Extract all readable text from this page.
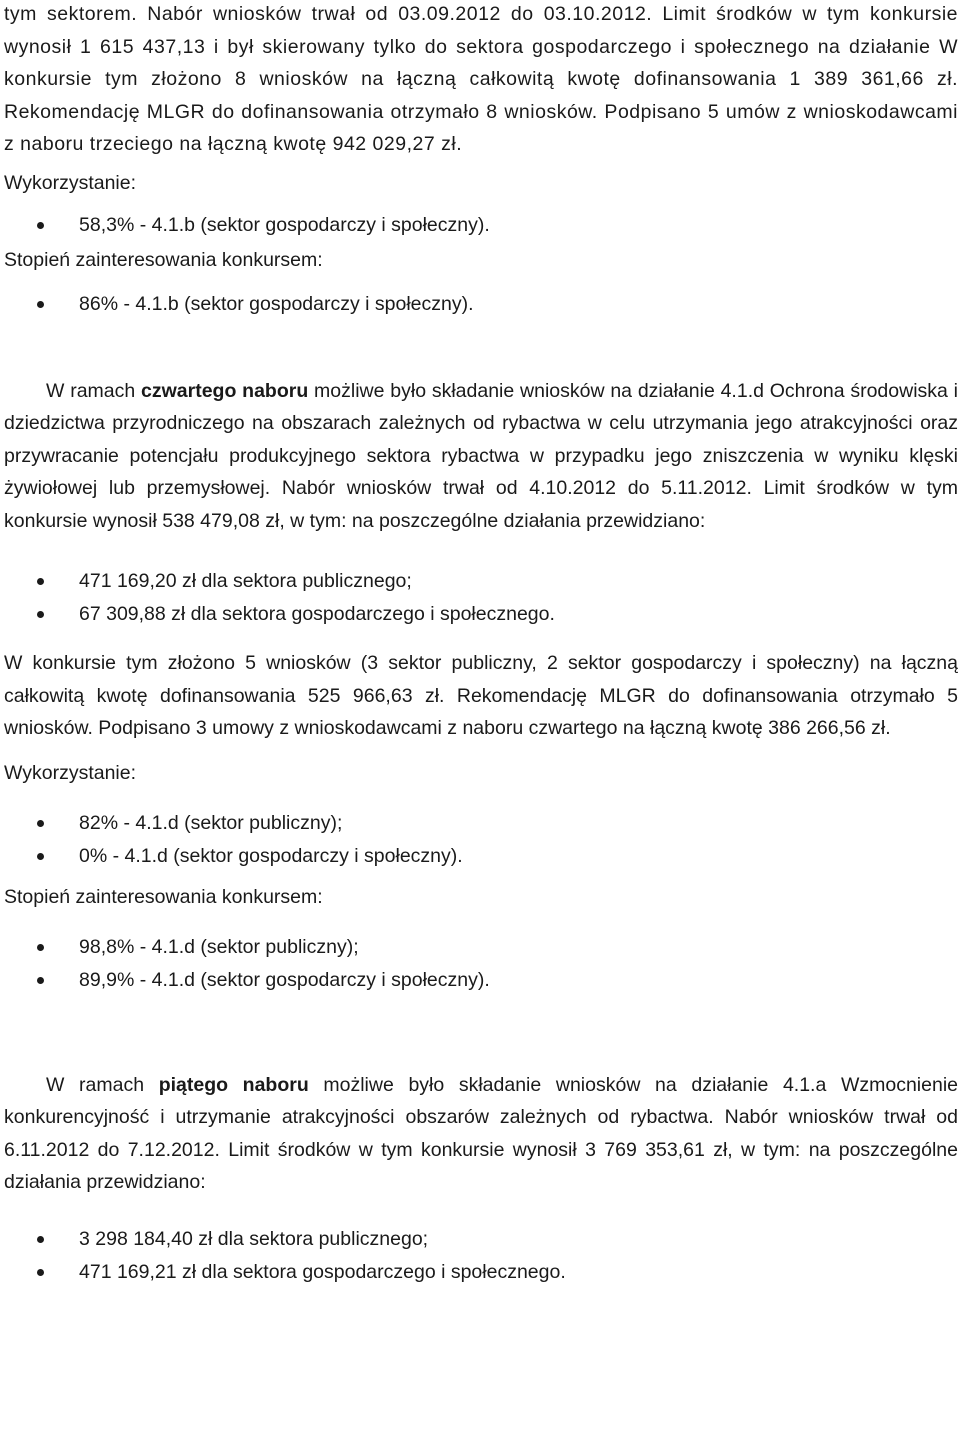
tym sektorem. Nabór wniosków trwał od 03.09.2012 do 03.10.2012. Limit środków w tym konkursie wynosił 1 615 437,13 i był skierowany tylko do sektora gospodarczego i społecznego na działanie W konkursie tym złożono 8 wniosków na łączną całkowitą kwotę dofinansowania 1 389 361,66 zł. Rekomendację MLGR do dofinansowania otrzymało 8 wniosków. Podpisano 5 umów z wnioskodawcami z naboru trzeciego na łączną kwotę 942 029,27 zł.

Wykorzystanie:

58,3% - 4.1.b (sektor gospodarczy i społeczny).

Stopień zainteresowania konkursem:

86% - 4.1.b (sektor gospodarczy i społeczny).

W ramach czwartego naboru możliwe było składanie wniosków na działanie 4.1.d Ochrona środowiska i dziedzictwa przyrodniczego na obszarach zależnych od rybactwa w celu utrzymania jego atrakcyjności oraz przywracanie potencjału produkcyjnego sektora rybactwa w przypadku jego zniszczenia w wyniku klęski żywiołowej lub przemysłowej. Nabór wniosków trwał od 4.10.2012 do 5.11.2012. Limit środków w tym konkursie wynosił 538 479,08 zł, w tym: na poszczególne działania przewidziano:

471 169,20 zł dla sektora publicznego;
67 309,88 zł dla sektora gospodarczego i społecznego.

W konkursie tym złożono 5 wniosków (3 sektor publiczny, 2 sektor gospodarczy i społeczny) na łączną całkowitą kwotę dofinansowania 525 966,63 zł. Rekomendację MLGR do dofinansowania otrzymało 5 wniosków. Podpisano 3 umowy z wnioskodawcami z naboru czwartego na łączną kwotę 386 266,56 zł.

Wykorzystanie:

82% - 4.1.d (sektor publiczny);
0% - 4.1.d (sektor gospodarczy i społeczny).

Stopień zainteresowania konkursem:

98,8% - 4.1.d (sektor publiczny);
89,9% - 4.1.d (sektor gospodarczy i społeczny).

W ramach piątego naboru możliwe było składanie wniosków na działanie 4.1.a Wzmocnienie konkurencyjność i utrzymanie atrakcyjności obszarów zależnych od rybactwa. Nabór wniosków trwał od 6.11.2012 do 7.12.2012. Limit środków w tym konkursie wynosił 3 769 353,61 zł, w tym: na poszczególne działania przewidziano:

3 298 184,40 zł dla sektora publicznego;
471 169,21 zł dla sektora gospodarczego i społecznego.
